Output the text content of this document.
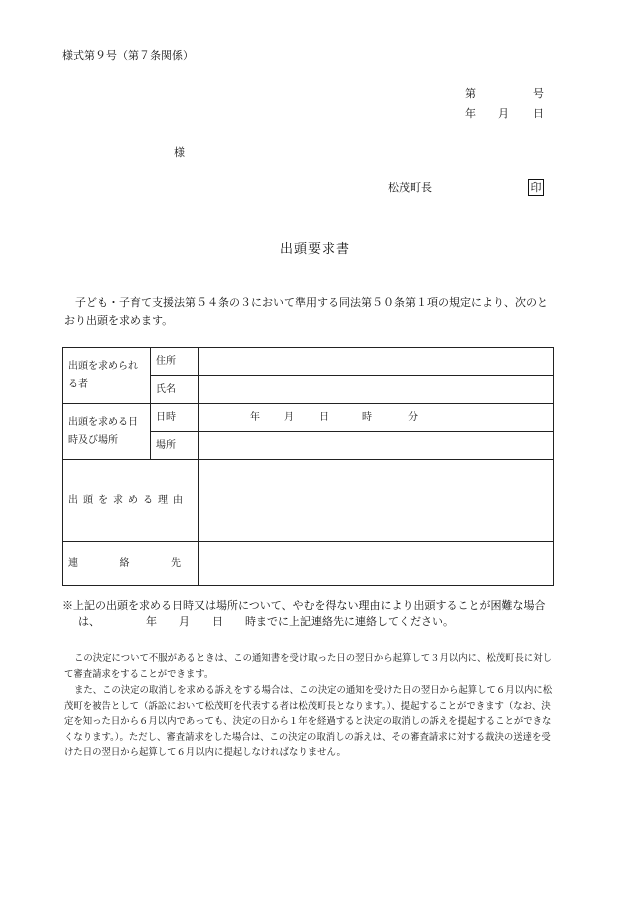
様式第９号（第７条関係）
第	号
年 月 日
様
松茂町長	印
出頭要求書
子ども・子育て支援法第５４条の３において準用する同法第５０条第１項の規定により、次のとおり出頭を求めます。
出頭を求められる者	住所	
	氏名	
出頭を求める日時及び場所	日時	年 月 日 時 分

	場所	
出頭を求める理由		
連絡先		
※上記の出頭を求める日時又は場所について、やむを得ない理由により出頭することが困難な場合
は、	年 月 日 時までに上記連絡先に連絡してください。
この決定について不服があるときは、この通知書を受け取った日の翌日から起算して３月以内に、松茂町長に対して審査請求をすることができます。
また、この決定の取消しを求める訴えをする場合は、この決定の通知を受けた日の翌日から起算して６月以内に松茂町を被告として（訴訟において松茂町を代表する者は松茂町長となります。）、提起することができます（なお、決定を知った日から６月以内であっても、決定の日から１年を経過すると決定の取消しの訴えを提起することができなくなります。）。ただし、審査請求をした場合は、この決定の取消しの訴えは、その審査請求に対する裁決の送達を受けた日の翌日から起算して６月以内に提起しなければなりません。
